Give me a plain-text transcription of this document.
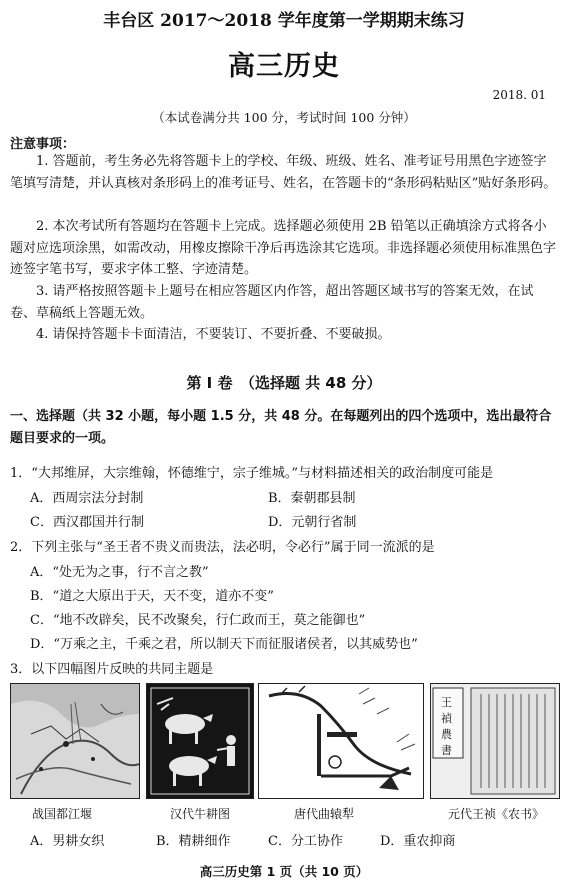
丰台区 2017～2018 学年度第一学期期末练习
高三历史
2018. 01
（本试卷满分共 100 分，考试时间 100 分钟）
注意事项：
1. 答题前，考生务必先将答题卡上的学校、年级、班级、姓名、准考证号用黑色字迹签字笔填写清楚，并认真核对条形码上的准考证号、姓名，在答题卡的“条形码粘贴区”贴好条形码。
2. 本次考试所有答题均在答题卡上完成。选择题必须使用 2B 铅笔以正确填涂方式将各小题对应选项涂黑，如需改动，用橡皮擦除干净后再选涂其它选项。非选择题必须使用标准黑色字迹签字笔书写，要求字体工整、字迹清楚。
3. 请严格按照答题卡上题号在相应答题区内作答，超出答题区域书写的答案无效，在试卷、草稿纸上答题无效。
4. 请保持答题卡卡面清洁，不要装订、不要折叠、不要破损。
第 Ⅰ 卷　（选择题 共 48 分）
一、选择题（共 32 小题，每小题 1.5 分，共 48 分。在每题列出的四个选项中，选出最符合题目要求的一项。
1．“大邦维屏，大宗维翰，怀德维宁，宗子维城。”与材料描述相关的政治制度可能是
A．西周宗法分封制	B．秦朝郡县制
C．西汉郡国并行制	D．元朝行省制
2．下列主张与“圣王者不贵义而贵法，法必明，令必行”属于同一流派的是
A．“处无为之事，行不言之教”
B．“道之大原出于天，天不变，道亦不变”
C．“地不改辟矣，民不改聚矣，行仁政而王，莫之能御也”
D．“万乘之主，千乘之君，所以制天下而征服诸侯者，以其威势也”
3．以下四幅图片反映的共同主题是
王
禎
農
書
战国都江堰	汉代牛耕图	唐代曲辕犁	元代王祯《农书》
A．男耕女织	B．精耕细作	C．分工协作	D．重农抑商
高三历史第 1 页（共 10 页）
